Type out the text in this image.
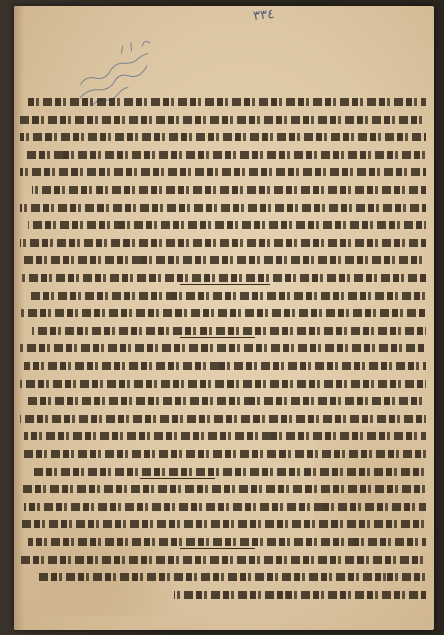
٣٣٤
